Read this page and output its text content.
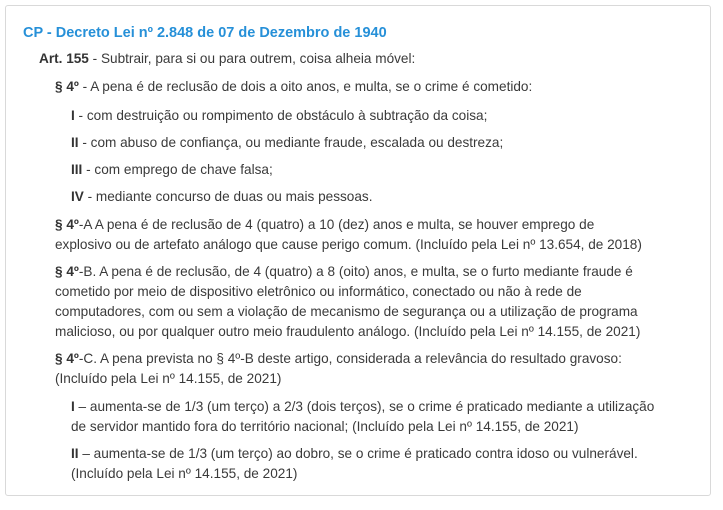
CP - Decreto Lei nº 2.848 de 07 de Dezembro de 1940
Art. 155 - Subtrair, para si ou para outrem, coisa alheia móvel:
§ 4º - A pena é de reclusão de dois a oito anos, e multa, se o crime é cometido:
I - com destruição ou rompimento de obstáculo à subtração da coisa;
II - com abuso de confiança, ou mediante fraude, escalada ou destreza;
III - com emprego de chave falsa;
IV - mediante concurso de duas ou mais pessoas.
§ 4º-A A pena é de reclusão de 4 (quatro) a 10 (dez) anos e multa, se houver emprego de
explosivo ou de artefato análogo que cause perigo comum. (Incluído pela Lei nº 13.654, de 2018)
§ 4º-B. A pena é de reclusão, de 4 (quatro) a 8 (oito) anos, e multa, se o furto mediante fraude é
cometido por meio de dispositivo eletrônico ou informático, conectado ou não à rede de
computadores, com ou sem a violação de mecanismo de segurança ou a utilização de programa
malicioso, ou por qualquer outro meio fraudulento análogo. (Incluído pela Lei nº 14.155, de 2021)
§ 4º-C. A pena prevista no § 4º-B deste artigo, considerada a relevância do resultado gravoso:
(Incluído pela Lei nº 14.155, de 2021)
I – aumenta-se de 1/3 (um terço) a 2/3 (dois terços), se o crime é praticado mediante a utilização
de servidor mantido fora do território nacional; (Incluído pela Lei nº 14.155, de 2021)
II – aumenta-se de 1/3 (um terço) ao dobro, se o crime é praticado contra idoso ou vulnerável.
(Incluído pela Lei nº 14.155, de 2021)
